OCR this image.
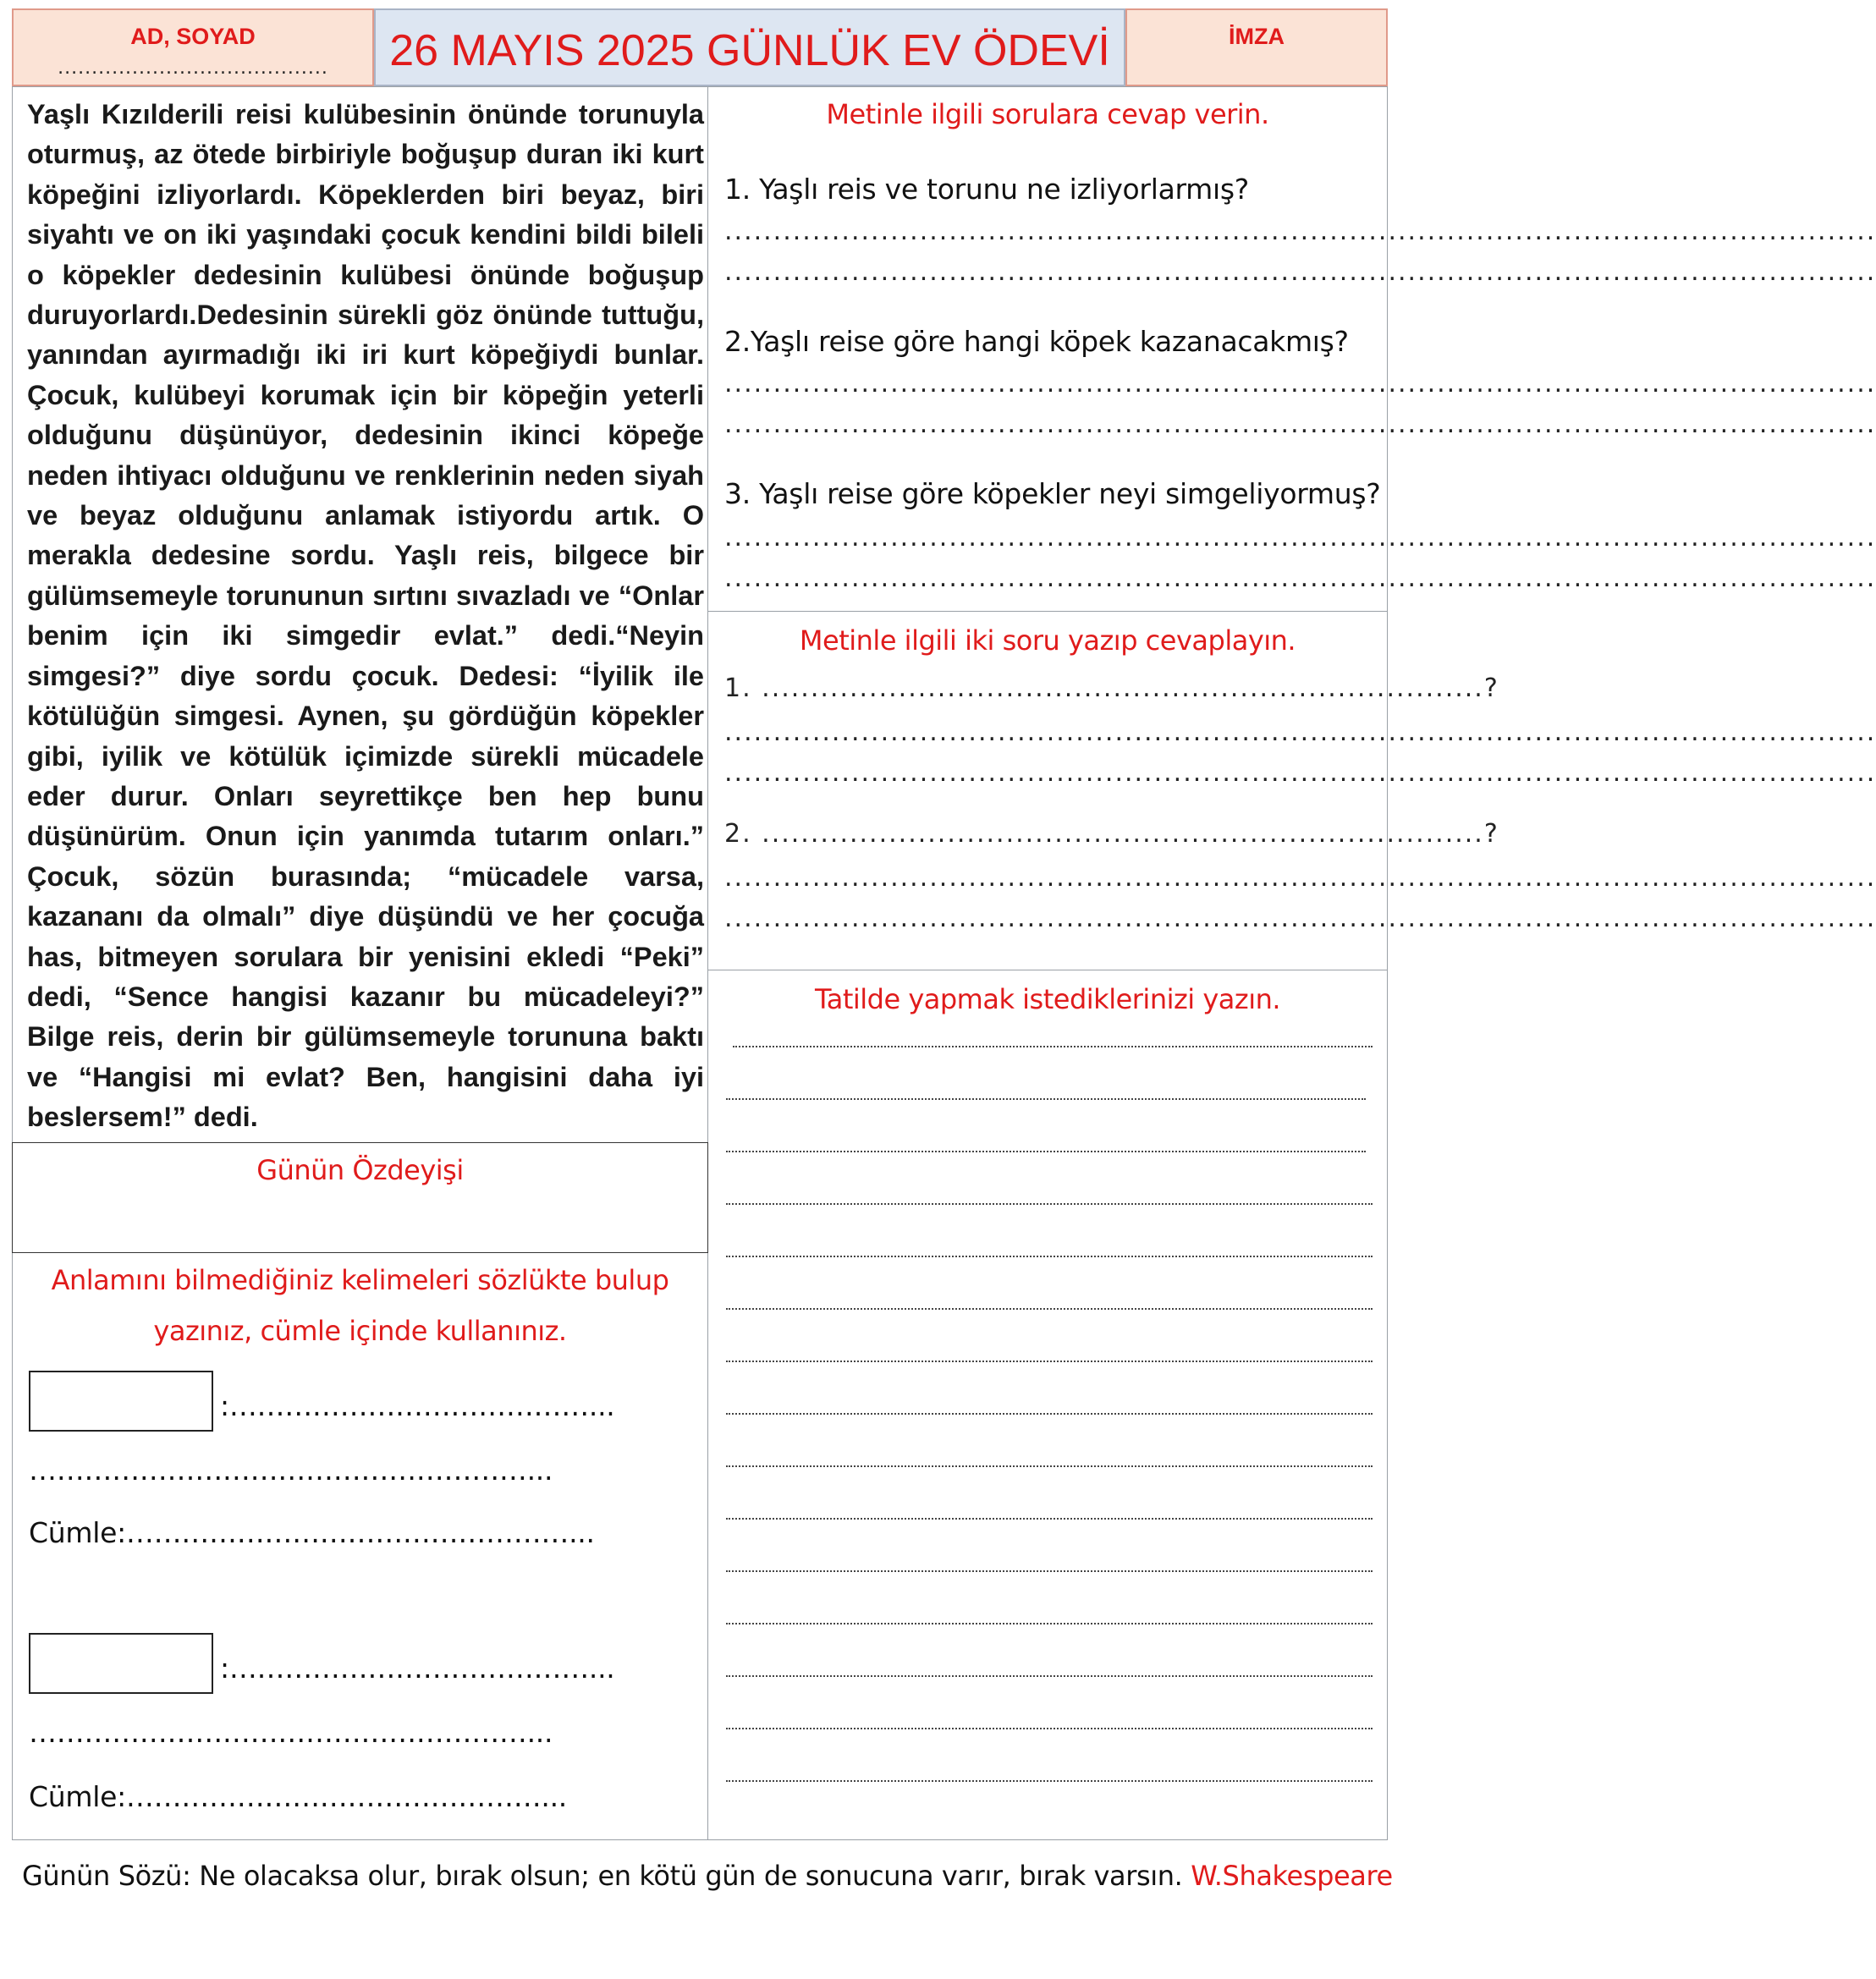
AD, SOYAD
........................................	26 MAYIS 2025 GÜNLÜK EV ÖDEVİ	İMZA
Yaşlı Kızılderili reisi kulübesinin önünde torunuyla oturmuş, az ötede birbiriyle boğuşup duran iki kurt köpeğini izliyorlardı. Köpeklerden biri beyaz, biri siyahtı ve on iki yaşındaki çocuk kendini bildi bileli o köpekler dedesinin kulübesi önünde boğuşup duruyorlardı.Dedesinin sürekli göz önünde tuttuğu, yanından ayırmadığı iki iri kurt köpeğiydi bunlar. Çocuk, kulübeyi korumak için bir köpeğin yeterli olduğunu düşünüyor, dedesinin ikinci köpeğe neden ihtiyacı olduğunu ve renklerinin neden siyah ve beyaz olduğunu anlamak istiyordu artık. O merakla dedesine sordu. Yaşlı reis, bilgece bir gülümsemeyle torununun sırtını sıvazladı ve “Onlar benim için iki simgedir evlat.” dedi.“Neyin simgesi?” diye sordu çocuk. Dedesi: “İyilik ile kötülüğün simgesi. Aynen, şu gördüğün köpekler gibi, iyilik ve kötülük içimizde sürekli mücadele eder durur. Onları seyrettikçe ben hep bunu düşünürüm. Onun için yanımda tutarım onları.” Çocuk, sözün burasında; “mücadele varsa, kazananı da olmalı” diye düşündü ve her çocuğa has, bitmeyen sorulara bir yenisini ekledi “Peki” dedi, “Sence hangisi kazanır bu mücadeleyi?” Bilge reis, derin bir gülümsemeyle torununa baktı ve “Hangisi mi evlat? Ben, hangisini daha iyi beslersem!” dedi.
Günün Özdeyişi
Anlamını bilmediğiniz kelimeleri sözlükte bulup
yazınız, cümle içinde kullanınız.
:…………………………………...
………………………………………………...
Cümle:…………………………………………...
:…………………………………...
………………………………………………...
Cümle:………………………………………...
Metinle ilgili sorulara cevap verin.
1. Yaşlı reis ve torunu ne izliyorlarmış?
......................................................................................................................
......................................................................................................................
2.Yaşlı reise göre hangi köpek kazanacakmış?
......................................................................................................................
......................................................................................................................
3. Yaşlı reise göre köpekler neyi simgeliyormuş?
......................................................................................................................
......................................................................................................................
Metinle ilgili iki soru yazıp cevaplayın.
1. ..........................................................................?
......................................................................................................................
......................................................................................................................
2. ..........................................................................?
......................................................................................................................
......................................................................................................................
Tatilde yapmak istediklerinizi yazın.
Günün Sözü: Ne olacaksa olur, bırak olsun; en kötü gün de sonucuna varır, bırak varsın. W.Shakespeare
